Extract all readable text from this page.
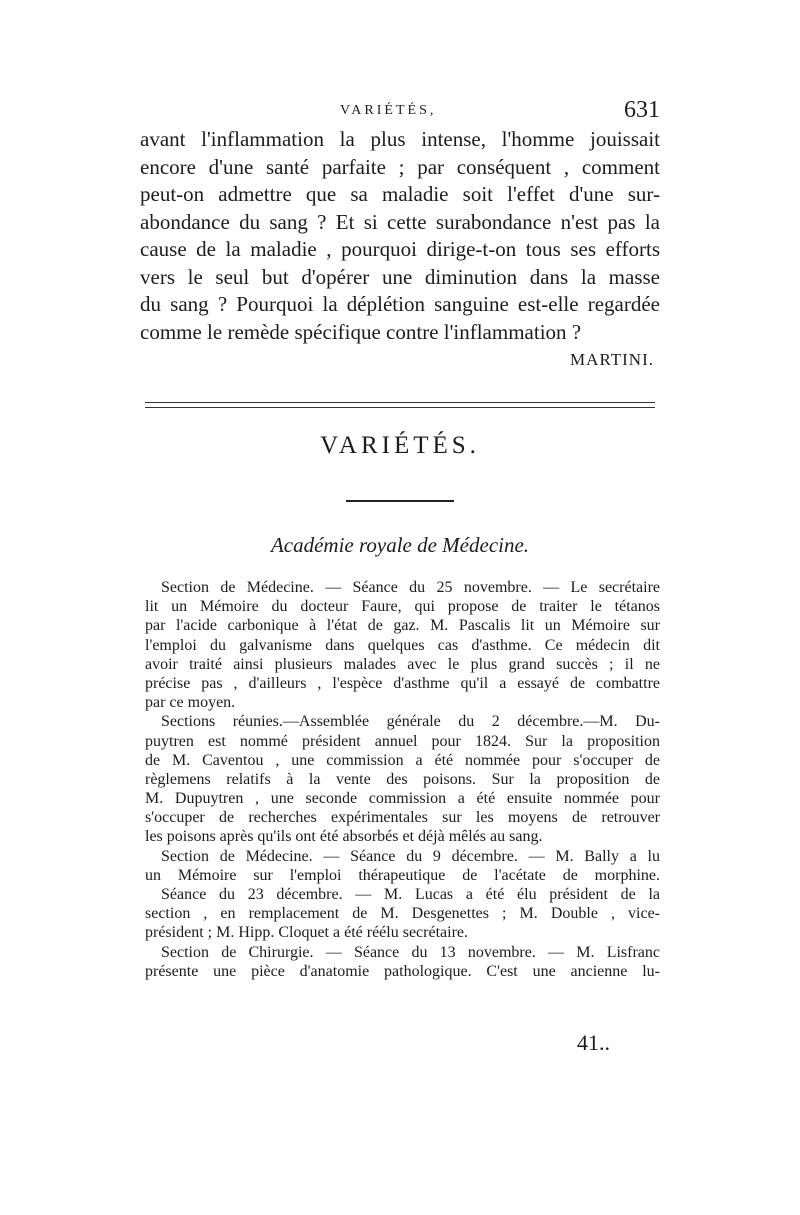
VARIÉTÉS,	631
avant l'inflammation la plus intense, l'homme jouissait
encore d'une santé parfaite ; par conséquent , comment
peut-on admettre que sa maladie soit l'effet d'une sur-
abondance du sang ? Et si cette surabondance n'est pas la
cause de la maladie , pourquoi dirige-t-on tous ses efforts
vers le seul but d'opérer une diminution dans la masse
du sang ? Pourquoi la déplétion sanguine est-elle regardée
comme le remède spécifique contre l'inflammation ?
MARTINI.
VARIÉTÉS.
Académie royale de Médecine.
Section de Médecine. — Séance du 25 novembre. — Le secrétaire
lit un Mémoire du docteur Faure, qui propose de traiter le tétanos
par l'acide carbonique à l'état de gaz. M. Pascalis lit un Mémoire sur
l'emploi du galvanisme dans quelques cas d'asthme. Ce médecin dit
avoir traité ainsi plusieurs malades avec le plus grand succès ; il ne
précise pas , d'ailleurs , l'espèce d'asthme qu'il a essayé de combattre
par ce moyen.
Sections réunies.—Assemblée générale du 2 décembre.—M. Du-
puytren est nommé président annuel pour 1824. Sur la proposition
de M. Caventou , une commission a été nommée pour s'occuper de
règlemens relatifs à la vente des poisons. Sur la proposition de
M. Dupuytren , une seconde commission a été ensuite nommée pour
s'occuper de recherches expérimentales sur les moyens de retrouver
les poisons après qu'ils ont été absorbés et déjà mêlés au sang.
Section de Médecine. — Séance du 9 décembre. — M. Bally a lu
un Mémoire sur l'emploi thérapeutique de l'acétate de morphine.
Séance du 23 décembre. — M. Lucas a été élu président de la
section , en remplacement de M. Desgenettes ; M. Double , vice-
président ; M. Hipp. Cloquet a été réélu secrétaire.
Section de Chirurgie. — Séance du 13 novembre. — M. Lisfranc
présente une pièce d'anatomie pathologique. C'est une ancienne lu-
41..
